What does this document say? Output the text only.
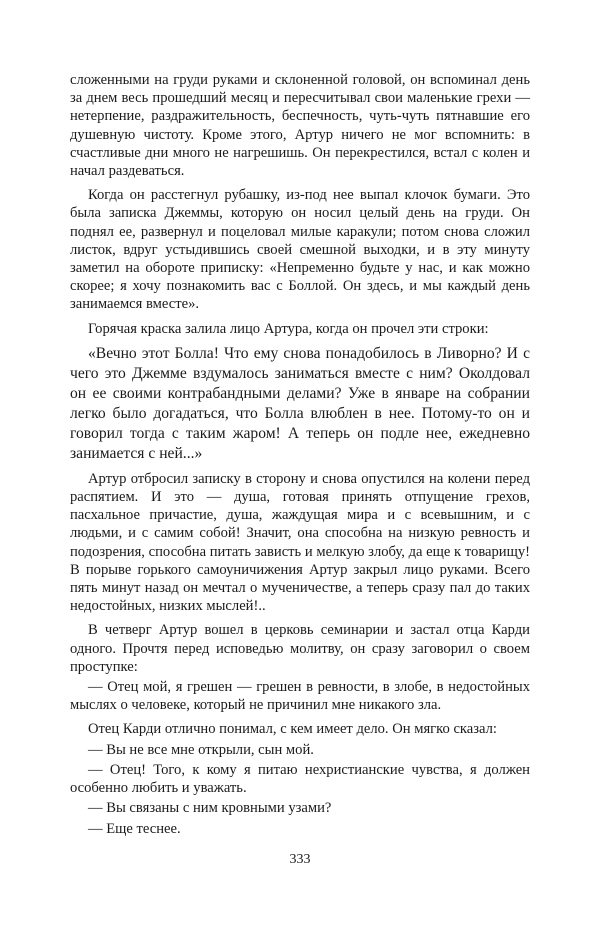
сложенными на груди руками и склоненной головой, он вспоминал день за днем весь прошедший месяц и пересчитывал свои маленькие грехи — нетерпение, раздражительность, беспечность, чуть-чуть пятнавшие его душевную чистоту. Кроме этого, Артур ничего не мог вспомнить: в счастливые дни много не нагрешишь. Он перекрестился, встал с колен и начал раздеваться.

Когда он расстегнул рубашку, из-под нее выпал клочок бумаги. Это была записка Джеммы, которую он носил целый день на груди. Он поднял ее, развернул и поцеловал милые каракули; потом снова сложил листок, вдруг устыдившись своей смешной выходки, и в эту минуту заметил на обороте приписку: «Непременно будьте у нас, и как можно скорее; я хочу познакомить вас с Боллой. Он здесь, и мы каждый день занимаемся вместе».

Горячая краска залила лицо Артура, когда он прочел эти строки:

«Вечно этот Болла! Что ему снова понадобилось в Ливорно? И с чего это Джемме вздумалось заниматься вместе с ним? Околдовал он ее своими контрабандными делами? Уже в январе на собрании легко было догадаться, что Болла влюблен в нее. Потому-то он и говорил тогда с таким жаром! А теперь он подле нее, ежедневно занимается с ней...»

Артур отбросил записку в сторону и снова опустился на колени перед распятием. И это — душа, готовая принять отпущение грехов, пасхальное причастие, душа, жаждущая мира и с всевышним, и с людьми, и с самим собой! Значит, она способна на низкую ревность и подозрения, способна питать зависть и мелкую злобу, да еще к товарищу! В порыве горького самоуничижения Артур закрыл лицо руками. Всего пять минут назад он мечтал о мученичестве, а теперь сразу пал до таких недостойных, низких мыслей!..

В четверг Артур вошел в церковь семинарии и застал отца Карди одного. Прочтя перед исповедью молитву, он сразу заговорил о своем проступке:

— Отец мой, я грешен — грешен в ревности, в злобе, в недостойных мыслях о человеке, который не причинил мне никакого зла.

Отец Карди отлично понимал, с кем имеет дело. Он мягко сказал:

— Вы не все мне открыли, сын мой.

— Отец! Того, к кому я питаю нехристианские чувства, я должен особенно любить и уважать.

— Вы связаны с ним кровными узами?

— Еще теснее.

333
